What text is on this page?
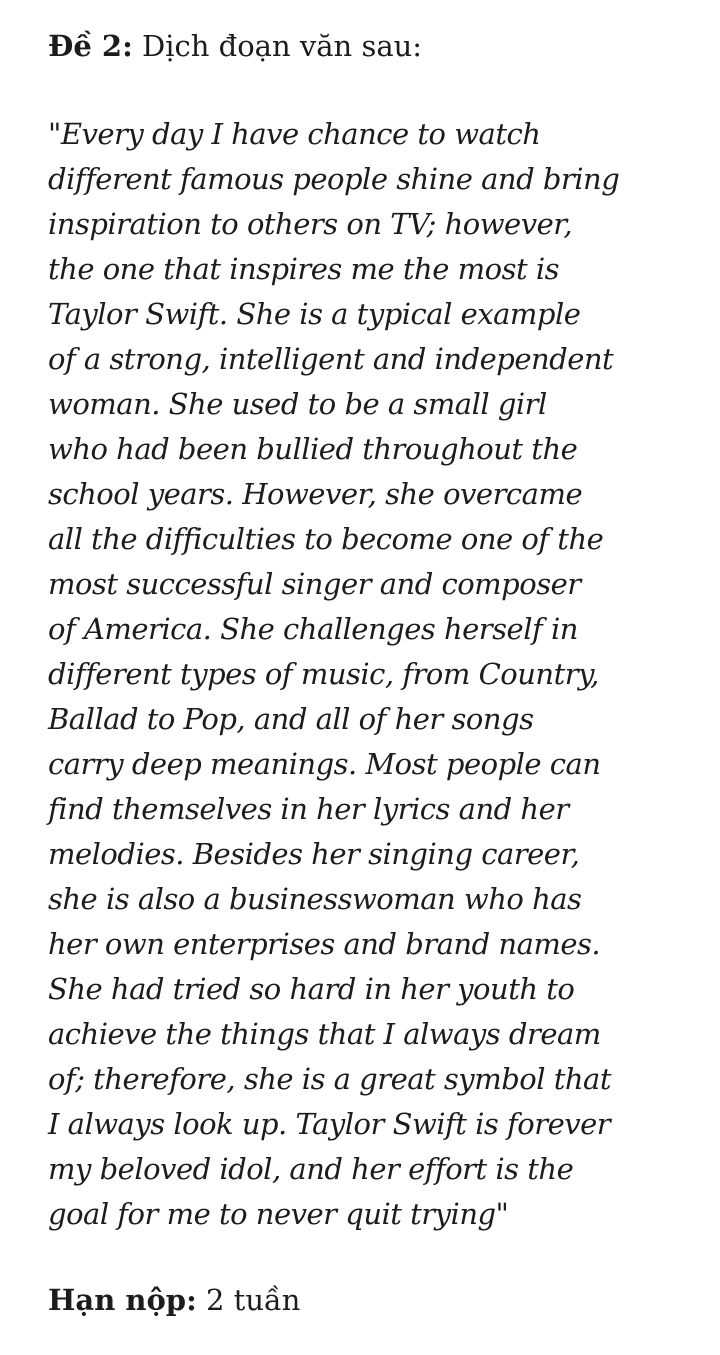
Đề 2: Dịch đoạn văn sau:
"Every day I have chance to watch
different famous people shine and bring
inspiration to others on TV; however,
the one that inspires me the most is
Taylor Swift. She is a typical example
of a strong, intelligent and independent
woman. She used to be a small girl
who had been bullied throughout the
school years. However, she overcame
all the difficulties to become one of the
most successful singer and composer
of America. She challenges herself in
different types of music, from Country,
Ballad to Pop, and all of her songs
carry deep meanings. Most people can
find themselves in her lyrics and her
melodies. Besides her singing career,
she is also a businesswoman who has
her own enterprises and brand names.
She had tried so hard in her youth to
achieve the things that I always dream
of; therefore, she is a great symbol that
I always look up. Taylor Swift is forever
my beloved idol, and her effort is the
goal for me to never quit trying"
Hạn nộp: 2 tuần
